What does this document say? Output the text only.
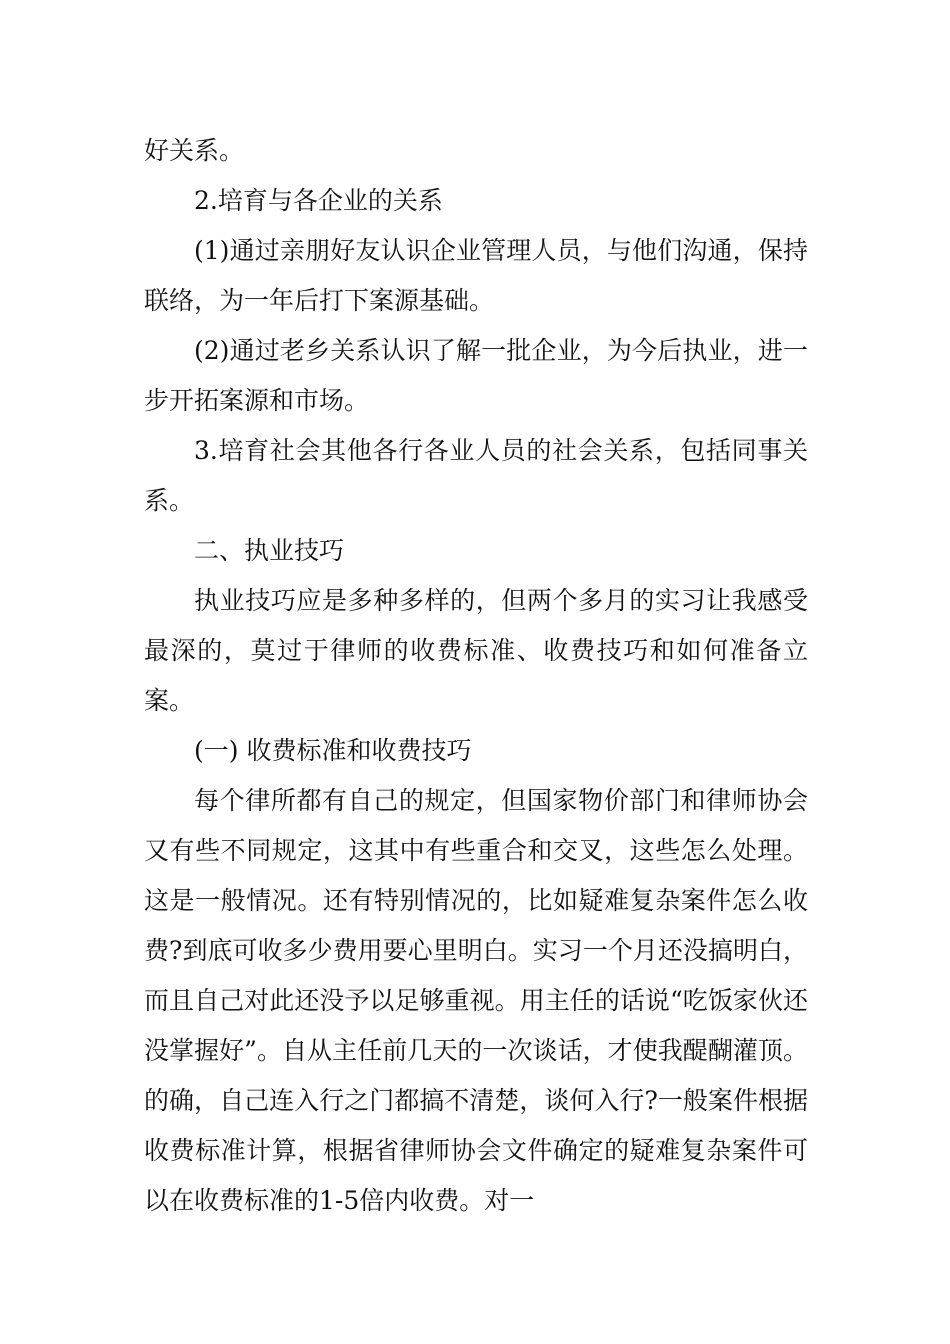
好关系。

2.培育与各企业的关系

(1)通过亲朋好友认识企业管理人员，与他们沟通，保持联络，为一年后打下案源基础。

(2)通过老乡关系认识了解一批企业，为今后执业，进一步开拓案源和市场。

3.培育社会其他各行各业人员的社会关系，包括同事关系。

二、执业技巧

执业技巧应是多种多样的，但两个多月的实习让我感受最深的，莫过于律师的收费标准、收费技巧和如何准备立案。

(一) 收费标准和收费技巧

每个律所都有自己的规定，但国家物价部门和律师协会又有些不同规定，这其中有些重合和交叉，这些怎么处理。这是一般情况。还有特别情况的，比如疑难复杂案件怎么收费?到底可收多少费用要心里明白。实习一个月还没搞明白，而且自己对此还没予以足够重视。用主任的话说“吃饭家伙还没掌握好”。自从主任前几天的一次谈话，才使我醍醐灌顶。的确，自己连入行之门都搞不清楚，谈何入行?一般案件根据收费标准计算，根据省律师协会文件确定的疑难复杂案件可以在收费标准的1-5倍内收费。对一
